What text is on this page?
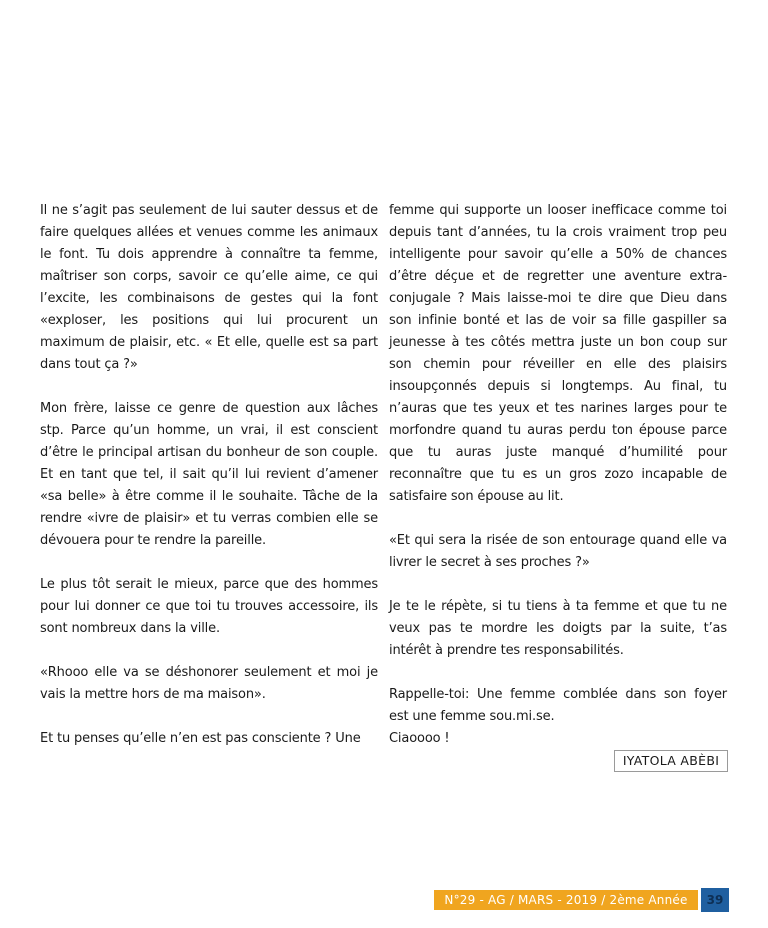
Il ne s’agit pas seulement de lui sauter dessus et de faire quelques allées et venues comme les animaux le font. Tu dois apprendre à connaître ta femme, maîtriser son corps, savoir ce qu’elle aime, ce qui l’excite, les combinaisons de gestes qui la font «exploser, les positions qui lui procurent un maximum de plaisir, etc. « Et elle, quelle est sa part dans tout ça ?»

Mon frère, laisse ce genre de question aux lâches stp. Parce qu’un homme, un vrai, il est conscient d’être le principal artisan du bonheur de son couple. Et en tant que tel, il sait qu’il lui revient d’amener «sa belle» à être comme il le souhaite. Tâche de la rendre «ivre de plaisir» et tu verras combien elle se dévouera pour te rendre la pareille.

Le plus tôt serait le mieux, parce que des hommes pour lui donner ce que toi tu trouves accessoire, ils sont nombreux dans la ville.

«Rhooo elle va se déshonorer seulement et moi je vais la mettre hors de ma maison».

Et tu penses qu’elle n’en est pas consciente ? Une

femme qui supporte un looser inefficace comme toi depuis tant d’années, tu la crois vraiment trop peu intelligente pour savoir qu’elle a 50% de chances d’être déçue et de regretter une aventure extra-conjugale ? Mais laisse-moi te dire que Dieu dans son infinie bonté et las de voir sa fille gaspiller sa jeunesse à tes côtés mettra juste un bon coup sur son chemin pour réveiller en elle des plaisirs insoupçonnés depuis si longtemps. Au final, tu n’auras que tes yeux et tes narines larges pour te morfondre quand tu auras perdu ton épouse parce que tu auras juste manqué d’humilité pour reconnaître que tu es un gros zozo incapable de satisfaire son épouse au lit.

«Et qui sera la risée de son entourage quand elle va livrer le secret à ses proches ?»

Je te le répète, si tu tiens à ta femme et que tu ne veux pas te mordre les doigts par la suite, t’as intérêt à prendre tes responsabilités.

Rappelle-toi: Une femme comblée dans son foyer est une femme sou.mi.se.

Ciaoooo !

IYATOLA ABÈBI
N°29 - AG / MARS - 2019 / 2ème Année	39
